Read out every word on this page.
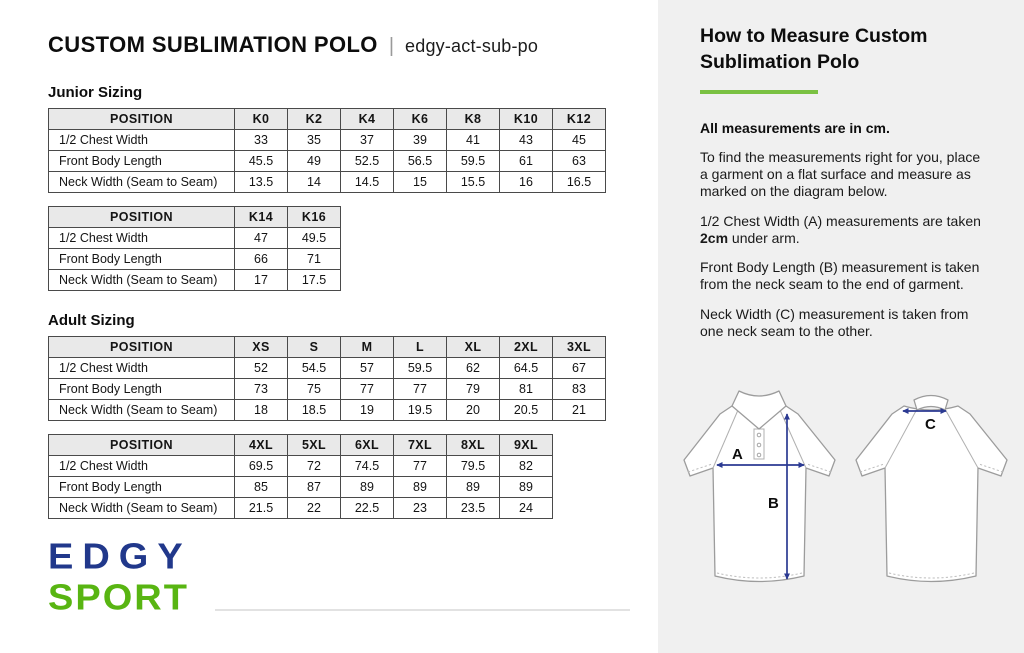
CUSTOM SUBLIMATION POLO | edgy-act-sub-po
Junior Sizing
POSITION	K0	K2	K4	K6	K8	K10	K12
1/2 Chest Width	33	35	37	39	41	43	45
Front Body Length	45.5	49	52.5	56.5	59.5	61	63
Neck Width (Seam to Seam)	13.5	14	14.5	15	15.5	16	16.5
POSITION	K14	K16
1/2 Chest Width	47	49.5
Front Body Length	66	71
Neck Width (Seam to Seam)	17	17.5
Adult Sizing
POSITION	XS	S	M	L	XL	2XL	3XL
1/2 Chest Width	52	54.5	57	59.5	62	64.5	67
Front Body Length	73	75	77	77	79	81	83
Neck Width (Seam to Seam)	18	18.5	19	19.5	20	20.5	21
POSITION	4XL	5XL	6XL	7XL	8XL	9XL
1/2 Chest Width	69.5	72	74.5	77	79.5	82
Front Body Length	85	87	89	89	89	89
Neck Width (Seam to Seam)	21.5	22	22.5	23	23.5	24
EDGY
SPORT
How to Measure Custom Sublimation Polo

All measurements are in cm.

To find the measurements right for you, place a garment on a flat surface and measure as marked on the diagram below.

1/2 Chest Width (A) measurements are taken 2cm under arm.

Front Body Length (B) measurement is taken from the neck seam to the end of garment.

Neck Width (C) measurement is taken from one neck seam to the other.

A
B
C
